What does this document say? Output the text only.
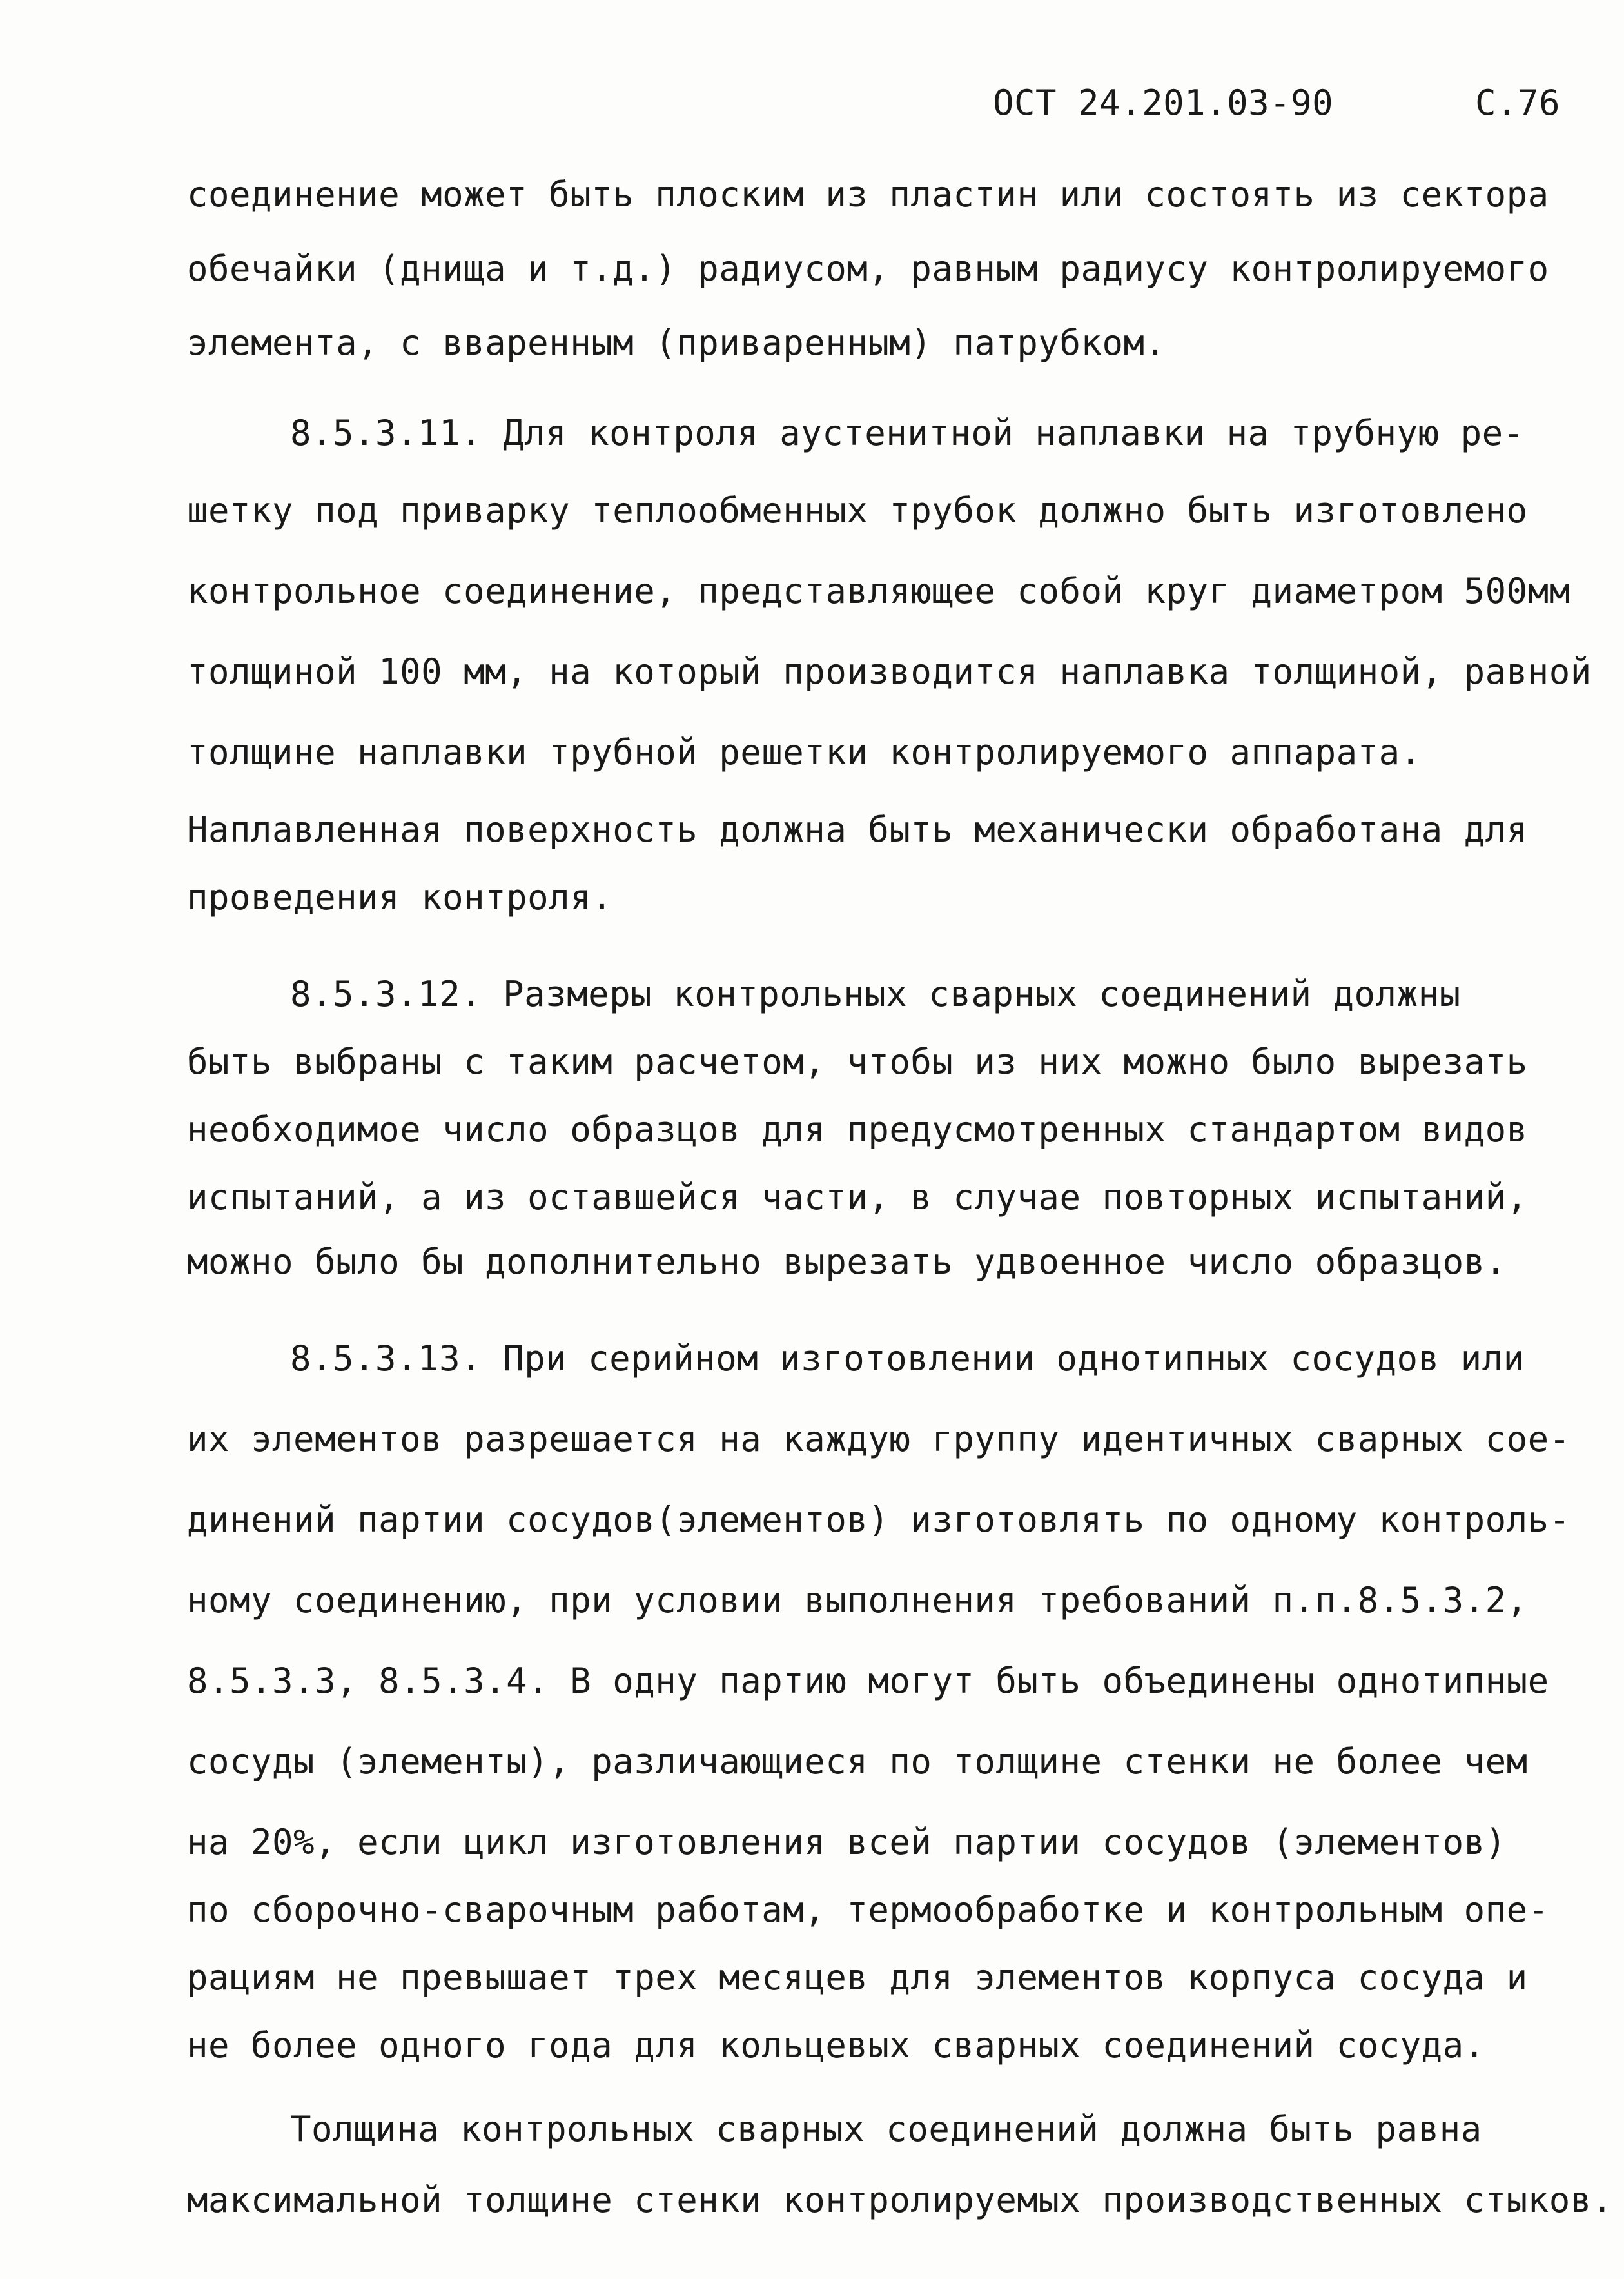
ОСТ 24.201.03-90	С.76
соединение может быть плоским из пластин или состоять из сектора
обечайки (днища и т.д.) радиусом, равным радиусу контролируемого
элемента, с вваренным (приваренным) патрубком.
8.5.3.11. Для контроля аустенитной наплавки на трубную ре-
шетку под приварку теплообменных трубок должно быть изготовлено
контрольное соединение, представляющее собой круг диаметром 500мм
толщиной 100 мм, на который производится наплавка толщиной, равной
толщине наплавки трубной решетки контролируемого аппарата.
Наплавленная поверхность должна быть механически обработана для
проведения контроля.
8.5.3.12. Размеры контрольных сварных соединений должны
быть выбраны с таким расчетом, чтобы из них можно было вырезать
необходимое число образцов для предусмотренных стандартом видов
испытаний, а из оставшейся части, в случае повторных испытаний,
можно было бы дополнительно вырезать удвоенное число образцов.
8.5.3.13. При серийном изготовлении однотипных сосудов или
их элементов разрешается на каждую группу идентичных сварных сое-
динений партии сосудов(элементов) изготовлять по одному контроль-
ному соединению, при условии выполнения требований п.п.8.5.3.2,
8.5.3.3, 8.5.3.4. В одну партию могут быть объединены однотипные
сосуды (элементы), различающиеся по толщине стенки не более чем
на 20%, если цикл изготовления всей партии сосудов (элементов)
по сборочно-сварочным работам, термообработке и контрольным опе-
рациям не превышает трех месяцев для элементов корпуса сосуда и
не более одного года для кольцевых сварных соединений сосуда.
Толщина контрольных сварных соединений должна быть равна
максимальной толщине стенки контролируемых производственных стыков.
